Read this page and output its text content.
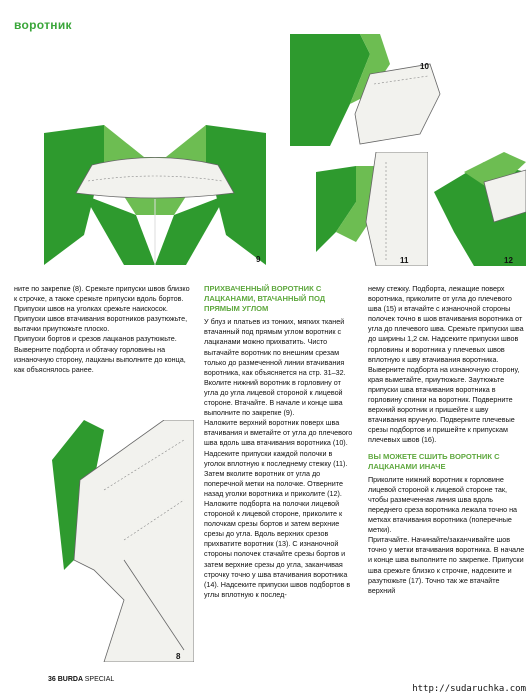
воротник
9
10
11	12
8

ните по закрепке (8). Срежьте припуски швов близко к строчке, а также срежьте припуски вдоль бортов. Припуски швов на уголках срежьте наискосок. Припуски швов втачивания воротников разутюжьте, вытачки приутюжьте плоско.

Припуски бортов и срезов лацканов разутюжьте. Выверните подборта и обтачку горловины на изнаночную сторону, лацканы выполните до конца, как объяснялось ранее.

ПРИХВАЧЕННЫЙ ВОРОТНИК С ЛАЦКАНАМИ, ВТАЧАННЫЙ ПОД ПРЯМЫМ УГЛОМ

У блуз и платьев из тонких, мягких тканей втачанный под прямым углом воротник с лацканами можно прихватить. Чисто вытачайте воротник по внешним срезам только до размеченной линии втачивания воротника, как объясняется на стр. 31–32. Вколите нижний воротник в горловину от угла до угла лицевой стороной к лицевой стороне. Втачайте. В начале и конце шва выполните по закрепке (9).

Наложите верхний воротник поверх шва втачивания и вметайте от угла до плечевого шва вдоль шва втачивания воротника (10). Надсеките припуски каждой полочки в уголок вплотную к последнему стежку (11). Затем вколите воротник от угла до поперечной метки на полочке. Отверните назад уголки воротника и приколите (12). Наложите подборта на полочки лицевой стороной к лицевой стороне, приколите к полочкам срезы бортов и затем верхние срезы до угла. Вдоль верхних срезов прихватите воротник (13). С изнаночной стороны полочек стачайте срезы бортов и затем верхние срезы до угла, заканчивая строчку точно у шва втачивания воротника (14). Надсеките припуски швов подбортов в углы вплотную к послед-

нему стежку. Подборта, лежащие поверх воротника, приколите от угла до плечевого шва (15) и втачайте с изнаночной стороны полочек точно в шов втачивания воротника от угла до плечевого шва. Срежьте припуски шва до ширины 1,2 см. Надсеките припуски швов горловины и воротника у плечевых швов вплотную к шву втачивания воротника. Выверните подборта на изнаночную сторону, края выметайте, приутюжьте. Заутюжьте припуски шва втачивания воротника в горловину спинки на воротник. Подверните верхний воротник и пришейте к шву втачивания вручную. Подверните плечевые срезы подбортов и пришейте к припускам плечевых швов (16).

ВЫ МОЖЕТЕ СШИТЬ ВОРОТНИК С ЛАЦКАНАМИ ИНАЧЕ

Приколите нижний воротник к горловине лицевой стороной к лицевой стороне так, чтобы размеченная линия шва вдоль переднего среза воротника лежала точно на метках втачивания воротника (поперечные метки).

Притачайте. Начинайте/заканчивайте шов точно у метки втачивания воротника. В начале и конце шва выполните по закрепке. Припуски шва срежьте близко к строчке, надсеките и разутюжьте (17). Точно так же втачайте верхний

36 BURDA SPECIAL
http://sudaruchka.com
